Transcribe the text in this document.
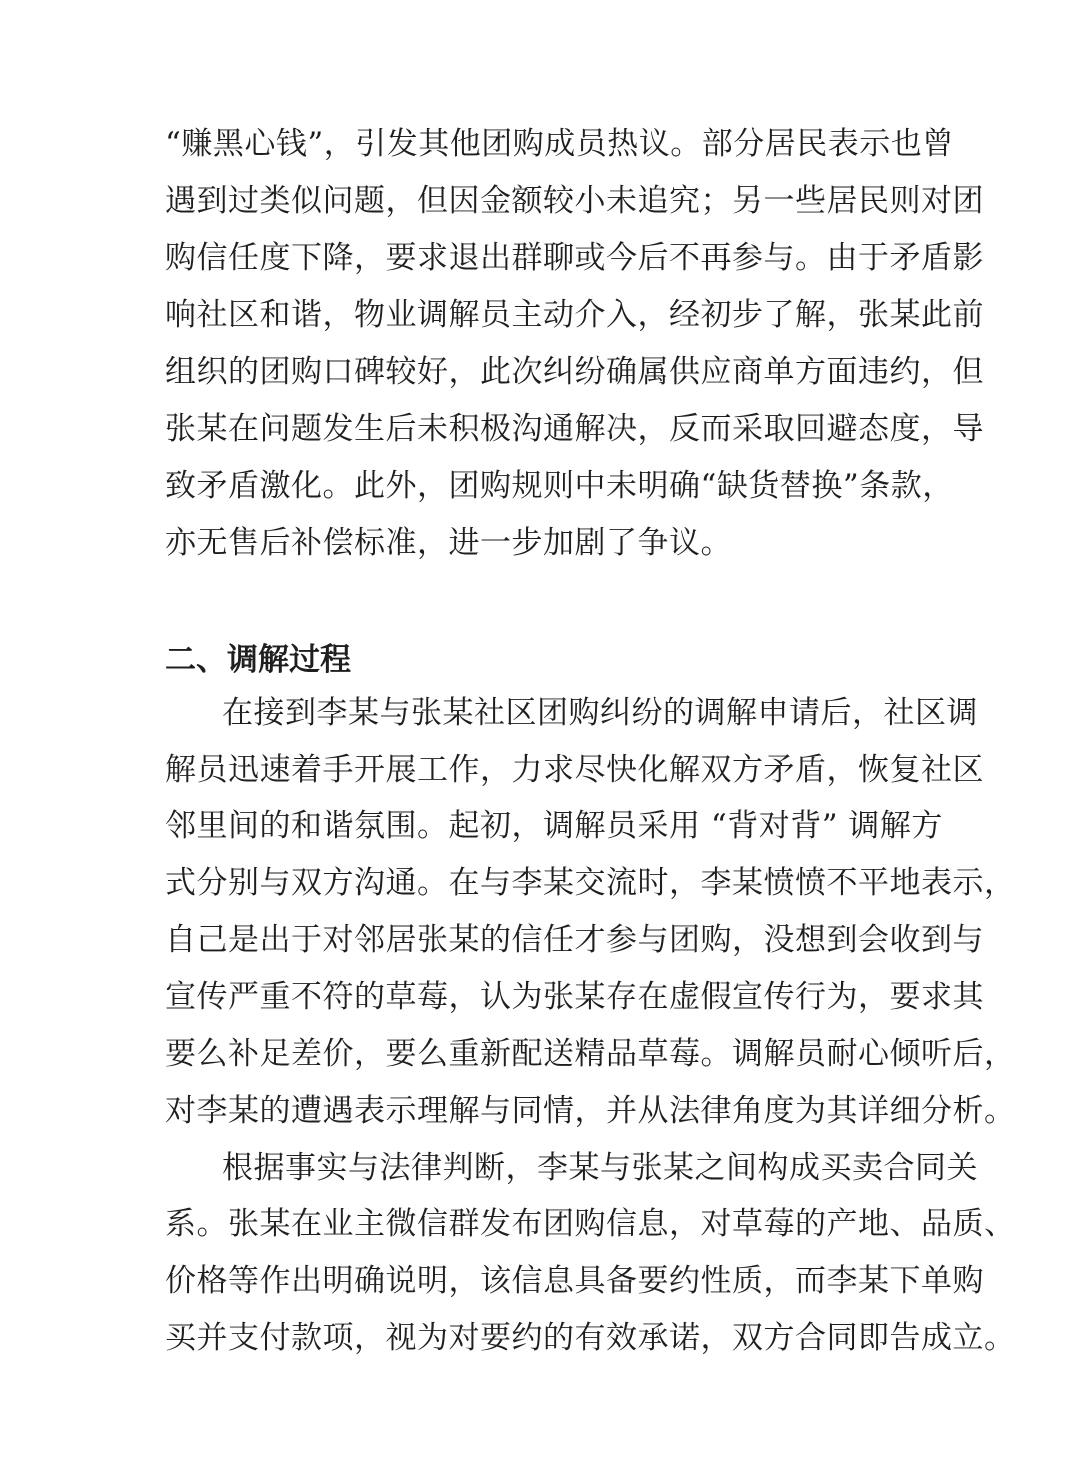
“赚黑心钱”，引发其他团购成员热议。部分居民表示也曾
遇到过类似问题，但因金额较小未追究；另一些居民则对团
购信任度下降，要求退出群聊或今后不再参与。由于矛盾影
响社区和谐，物业调解员主动介入，经初步了解，张某此前
组织的团购口碑较好，此次纠纷确属供应商单方面违约，但
张某在问题发生后未积极沟通解决，反而采取回避态度，导
致矛盾激化。此外，团购规则中未明确“缺货替换”条款，
亦无售后补偿标准，进一步加剧了争议。
二、调解过程
在接到李某与张某社区团购纠纷的调解申请后，社区调
解员迅速着手开展工作，力求尽快化解双方矛盾，恢复社区
邻里间的和谐氛围。起初，调解员采用 “背对背” 调解方
式分别与双方沟通。在与李某交流时，李某愤愤不平地表示，
自己是出于对邻居张某的信任才参与团购，没想到会收到与
宣传严重不符的草莓，认为张某存在虚假宣传行为，要求其
要么补足差价，要么重新配送精品草莓。调解员耐心倾听后，
对李某的遭遇表示理解与同情，并从法律角度为其详细分析。
根据事实与法律判断，李某与张某之间构成买卖合同关
系。张某在业主微信群发布团购信息，对草莓的产地、品质、
价格等作出明确说明，该信息具备要约性质，而李某下单购
买并支付款项，视为对要约的有效承诺，双方合同即告成立。
